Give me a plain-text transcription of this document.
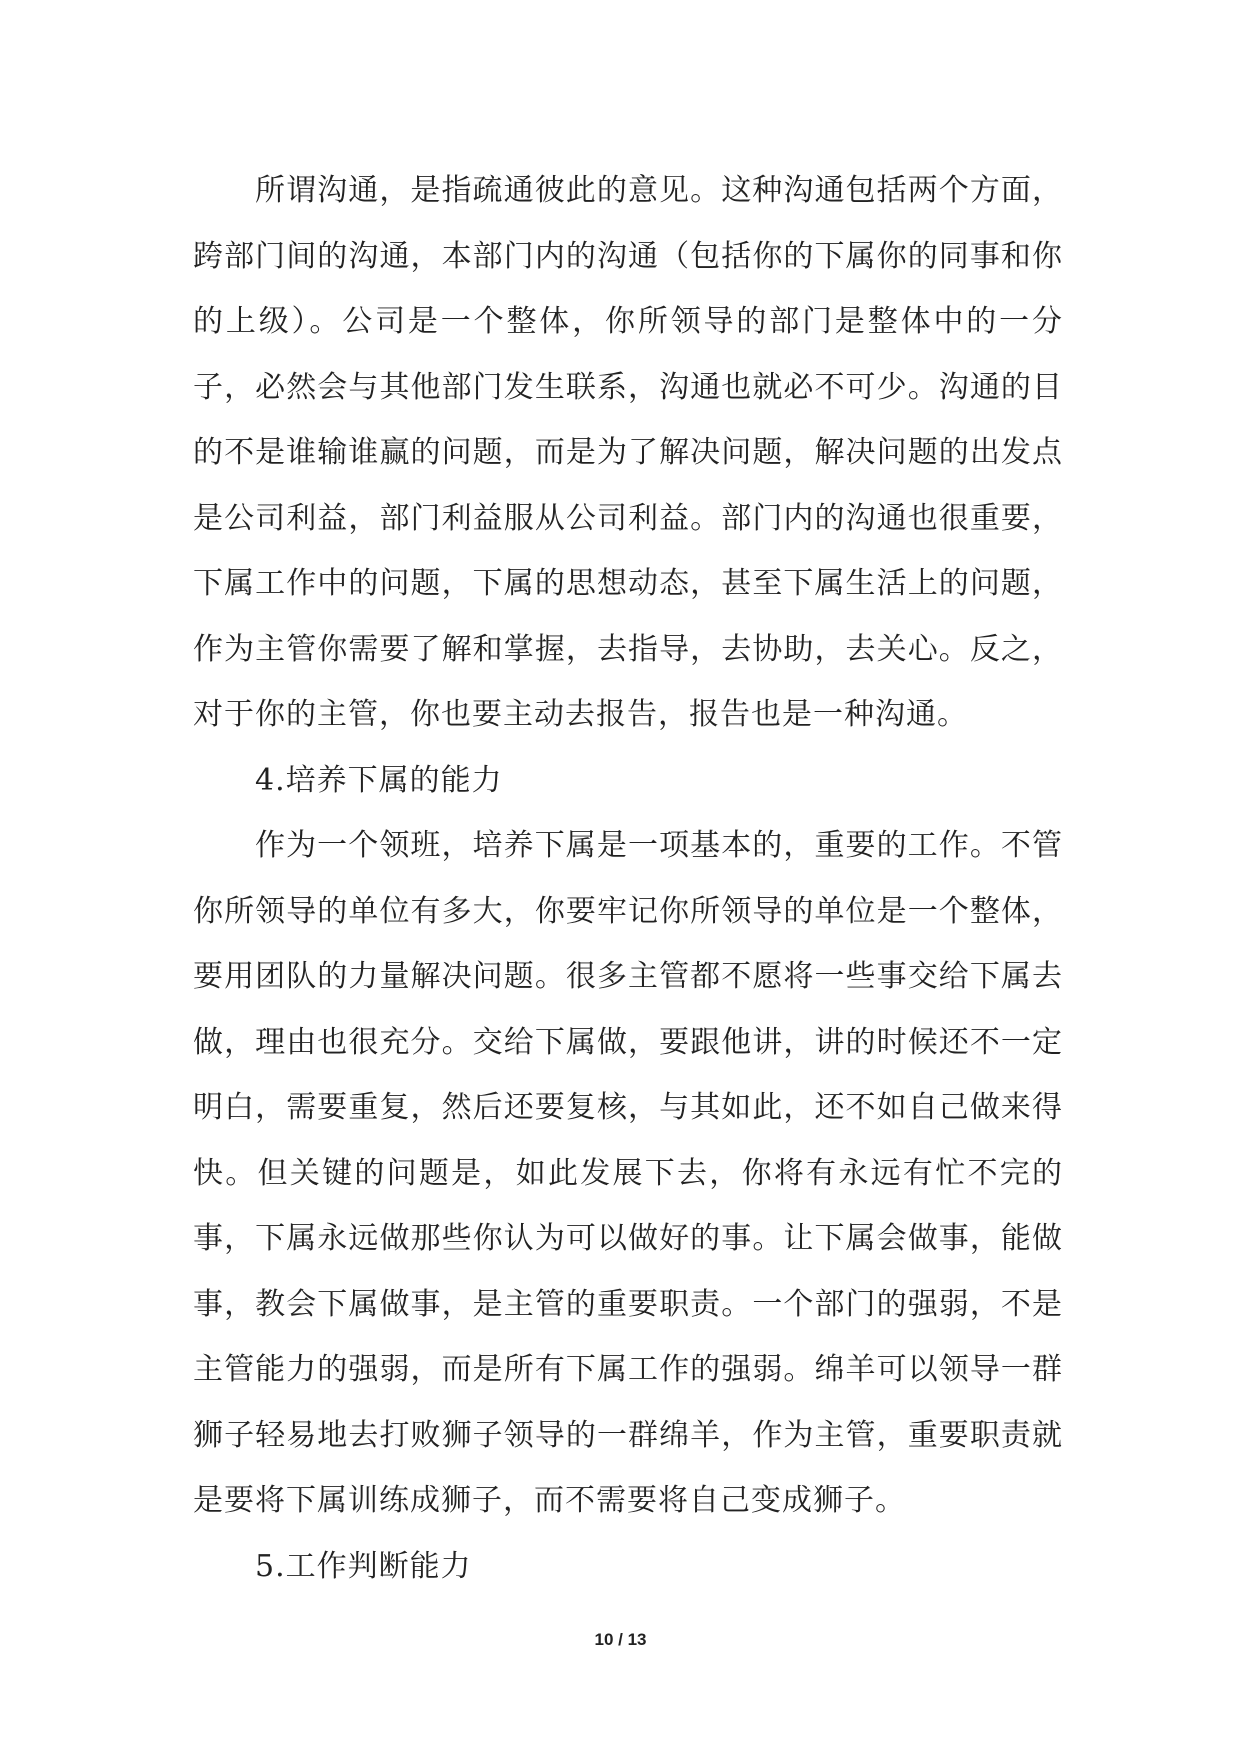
所谓沟通，是指疏通彼此的意见。这种沟通包括两个方面，跨部门间的沟通，本部门内的沟通（包括你的下属你的同事和你的上级）。公司是一个整体，你所领导的部门是整体中的一分子，必然会与其他部门发生联系，沟通也就必不可少。沟通的目的不是谁输谁赢的问题，而是为了解决问题，解决问题的出发点是公司利益，部门利益服从公司利益。部门内的沟通也很重要，下属工作中的问题，下属的思想动态，甚至下属生活上的问题，作为主管你需要了解和掌握，去指导，去协助，去关心。反之，对于你的主管，你也要主动去报告，报告也是一种沟通。

4.培养下属的能力

作为一个领班，培养下属是一项基本的，重要的工作。不管你所领导的单位有多大，你要牢记你所领导的单位是一个整体，要用团队的力量解决问题。很多主管都不愿将一些事交给下属去做，理由也很充分。交给下属做，要跟他讲，讲的时候还不一定明白，需要重复，然后还要复核，与其如此，还不如自己做来得快。但关键的问题是，如此发展下去，你将有永远有忙不完的事，下属永远做那些你认为可以做好的事。让下属会做事，能做事，教会下属做事，是主管的重要职责。一个部门的强弱，不是主管能力的强弱，而是所有下属工作的强弱。绵羊可以领导一群狮子轻易地去打败狮子领导的一群绵羊，作为主管，重要职责就是要将下属训练成狮子，而不需要将自己变成狮子。

5.工作判断能力

10 / 13
